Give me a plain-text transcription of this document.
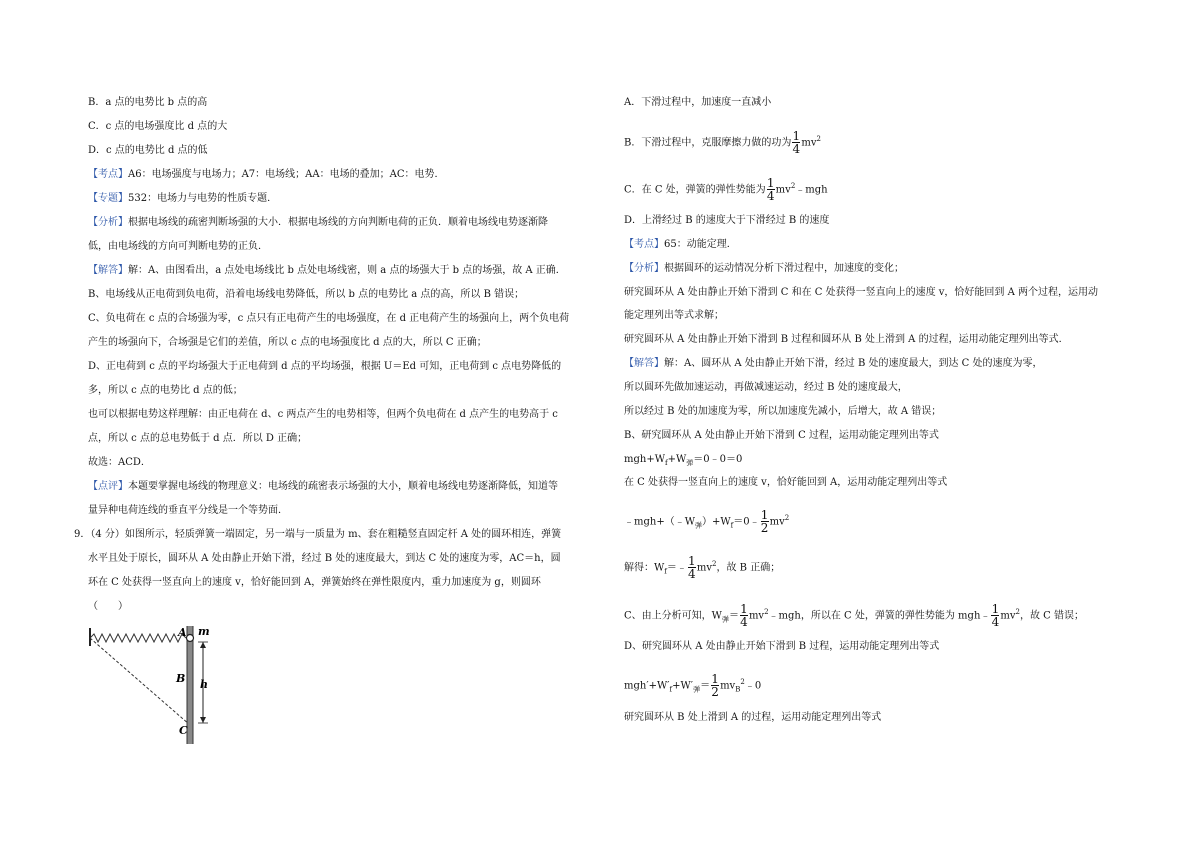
B．a 点的电势比 b 点的高
C．c 点的电场强度比 d 点的大
D．c 点的电势比 d 点的低
【考点】A6：电场强度与电场力；A7：电场线；AA：电场的叠加；AC：电势．
【专题】532：电场力与电势的性质专题．
【分析】根据电场线的疏密判断场强的大小．根据电场线的方向判断电荷的正负．顺着电场线电势逐渐降
低，由电场线的方向可判断电势的正负．
【解答】解：A、由图看出，a 点处电场线比 b 点处电场线密，则 a 点的场强大于 b 点的场强，故 A 正确．
B、电场线从正电荷到负电荷，沿着电场线电势降低，所以 b 点的电势比 a 点的高，所以 B 错误；
C、负电荷在 c 点的合场强为零，c 点只有正电荷产生的电场强度，在 d 正电荷产生的场强向上，两个负电荷
产生的场强向下，合场强是它们的差值，所以 c 点的电场强度比 d 点的大，所以 C 正确；
D、正电荷到 c 点的平均场强大于正电荷到 d 点的平均场强，根据 U＝Ed 可知，正电荷到 c 点电势降低的
多，所以 c 点的电势比 d 点的低；
也可以根据电势这样理解：由正电荷在 d、c 两点产生的电势相等，但两个负电荷在 d 点产生的电势高于 c
点，所以 c 点的总电势低于 d 点．所以 D 正确；
故选：ACD．
【点评】本题要掌握电场线的物理意义：电场线的疏密表示场强的大小，顺着电场线电势逐渐降低，知道等
量异种电荷连线的垂直平分线是一个等势面．
9．（4 分）如图所示，轻质弹簧一端固定，另一端与一质量为 m、套在粗糙竖直固定杆 A 处的圆环相连，弹簧
水平且处于原长，圆环从 A 处由静止开始下滑，经过 B 处的速度最大，到达 C 处的速度为零，AC＝h，圆
环在 C 处获得一竖直向上的速度 v，恰好能回到 A，弹簧始终在弹性限度内，重力加速度为 g，则圆环
（　　）
A m
B h
C
A．下滑过程中，加速度一直减小
B．下滑过程中，克服摩擦力做的功为 $\frac{1}{4} mv^2$
C．在 C 处，弹簧的弹性势能为 $\frac{1}{4}$ $mv^2﹣mgh$
D．上滑经过 B 的速度大于下滑经过 B 的速度
【考点】65：动能定理．
【分析】根据圆环的运动情况分析下滑过程中，加速度的变化；
研究圆环从 A 处由静止开始下滑到 C 和在 C 处获得一竖直向上的速度 v，恰好能回到 A 两个过程，运用动
能定理列出等式求解；
研究圆环从 A 处由静止开始下滑到 B 过程和圆环从 B 处上滑到 A 的过程，运用动能定理列出等式．
【解答】解：A、圆环从 A 处由静止开始下滑，经过 B 处的速度最大，到达 C 处的速度为零，
所以圆环先做加速运动，再做减速运动，经过 B 处的速度最大，
所以经过 B 处的加速度为零，所以加速度先减小，后增大，故 A 错误；
B、研究圆环从 A 处由静止开始下滑到 C 过程，运用动能定理列出等式
$mgh+W_f+W_弹=0﹣0=0$
在 C 处获得一竖直向上的速度 v，恰好能回到 A，运用动能定理列出等式
$﹣mgh+(﹣W_弹)+W_f=0﹣ \frac{1}{2} mv^2$
解得：$W_f=﹣ \frac{1}{4} mv^2$，故 B 正确；
C、由上分析可知，$W_弹= \frac{1}{4}$ $mv^2﹣mgh$，所以在 C 处，弹簧的弹性势能为 mgh﹣ $\frac{1}{4} mv^2$，故 C 错误；
D、研究圆环从 A 处由静止开始下滑到 B 过程，运用动能定理列出等式
$mgh'+W'_f+W'_弹= \frac{1}{2}$ $mv_B^2﹣0$
研究圆环从 B 处上滑到 A 的过程，运用动能定理列出等式
